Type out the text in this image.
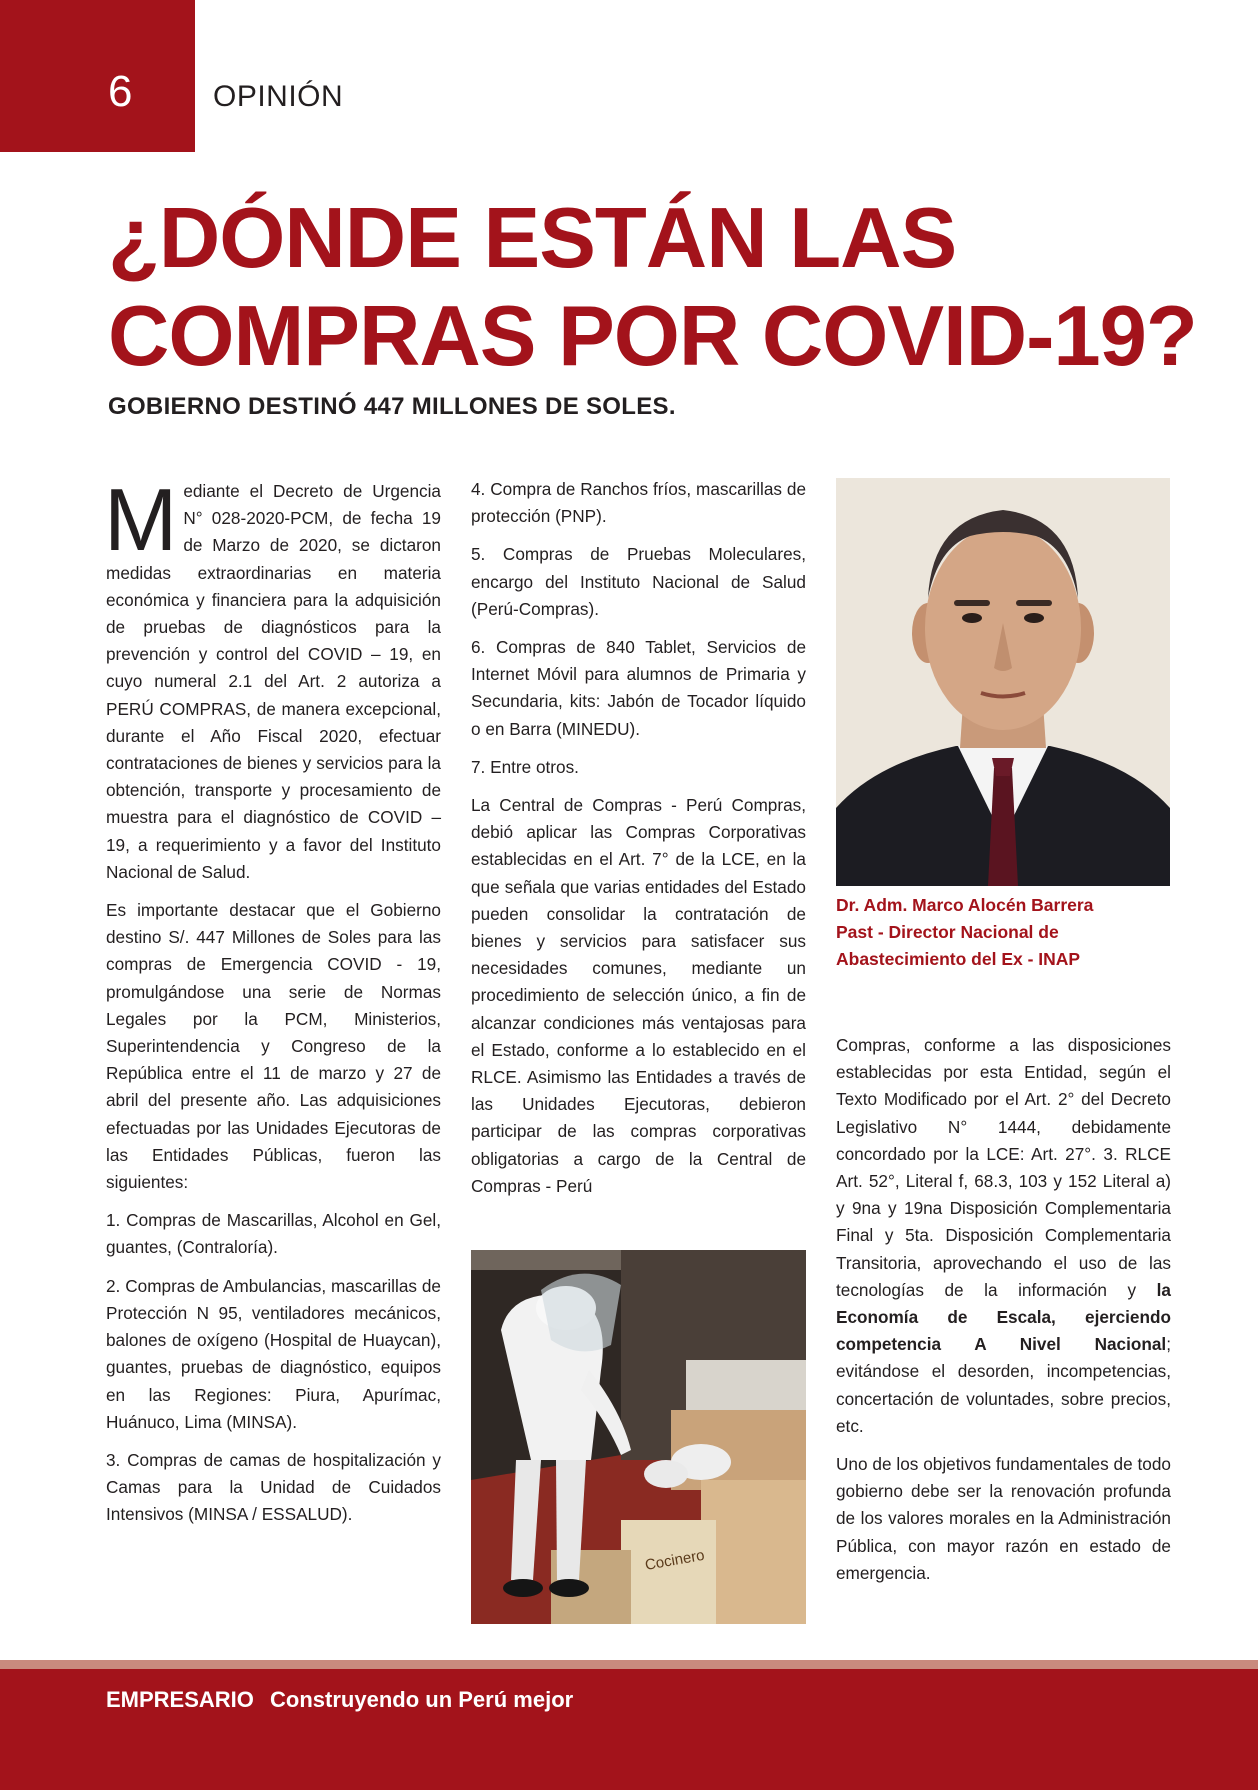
6	OPINIÓN
¿DÓNDE ESTÁN LAS COMPRAS POR COVID-19?
GOBIERNO DESTINÓ 447 MILLONES DE SOLES.

Mediante el Decreto de Urgencia N° 028-2020-PCM, de fecha 19 de Marzo de 2020, se dictaron medidas extraordinarias en materia económica y financiera para la adquisición de pruebas de diagnósticos para la prevención y control del COVID – 19, en cuyo numeral 2.1 del Art. 2 autoriza a PERÚ COMPRAS, de manera excepcional, durante el Año Fiscal 2020, efectuar contrataciones de bienes y servicios para la obtención, transporte y procesamiento de muestra para el diagnóstico de COVID – 19, a requerimiento y a favor del Instituto Nacional de Salud.

Es importante destacar que el Gobierno destino S/. 447 Millones de Soles para las compras de Emergencia COVID - 19, promulgándose una serie de Normas Legales por la PCM, Ministerios, Superintendencia y Congreso de la República entre el 11 de marzo y 27 de abril del presente año. Las adquisiciones efectuadas por las Unidades Ejecutoras de las Entidades Públicas, fueron las siguientes:

1. Compras de Mascarillas, Alcohol en Gel, guantes, (Contraloría).

2. Compras de Ambulancias, mascarillas de Protección N 95, ventiladores mecánicos, balones de oxígeno (Hospital de Huaycan), guantes, pruebas de diagnóstico, equipos en las Regiones: Piura, Apurímac, Huánuco, Lima (MINSA).

3. Compras de camas de hospitalización y Camas para la Unidad de Cuidados Intensivos (MINSA / ESSALUD).

4. Compra de Ranchos fríos, mascarillas de protección (PNP).

5. Compras de Pruebas Moleculares, encargo del Instituto Nacional de Salud (Perú-Compras).

6. Compras de 840 Tablet, Servicios de Internet Móvil para alumnos de Primaria y Secundaria, kits: Jabón de Tocador líquido o en Barra (MINEDU).

7. Entre otros.

La Central de Compras - Perú Compras, debió aplicar las Compras Corporativas establecidas en el Art. 7° de la LCE, en la que señala que varias entidades del Estado pueden consolidar la contratación de bienes y servicios para satisfacer sus necesidades comunes, mediante un procedimiento de selección único, a fin de alcanzar condiciones más ventajosas para el Estado, conforme a lo establecido en el RLCE. Asimismo las Entidades a través de las Unidades Ejecutoras, debieron participar de las compras corporativas obligatorias a cargo de la Central de Compras - Perú

Dr. Adm. Marco Alocén Barrera
Past - Director Nacional de
Abastecimiento del Ex - INAP

Compras, conforme a las disposiciones establecidas por esta Entidad, según el Texto Modificado por el Art. 2° del Decreto Legislativo N° 1444, debidamente concordado por la LCE: Art. 27°. 3. RLCE Art. 52°, Literal f, 68.3, 103 y 152 Literal a) y 9na y 19na Disposición Complementaria Final y 5ta. Disposición Complementaria Transitoria, aprovechando el uso de las tecnologías de la información y la Economía de Escala, ejerciendo competencia A Nivel Nacional; evitándose el desorden, incompetencias, concertación de voluntades, sobre precios, etc.

Uno de los objetivos fundamentales de todo gobierno debe ser la renovación profunda de los valores morales en la Administración Pública, con mayor razón en estado de emergencia.

Cocinero
EMPRESARIO Construyendo un Perú mejor
